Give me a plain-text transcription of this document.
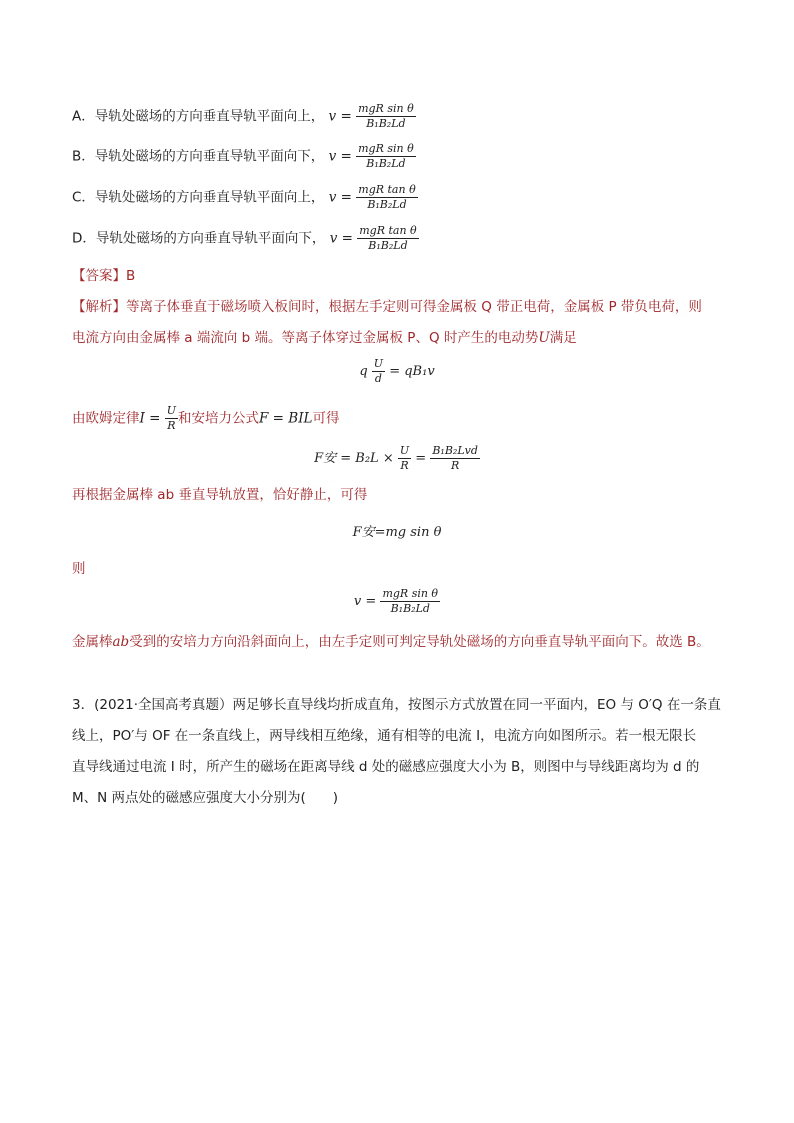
A．导轨处磁场的方向垂直导轨平面向上， $v = \frac{\text{mgR sin θ}}{\text{B₁B₂Ld}}$
B．导轨处磁场的方向垂直导轨平面向下， $v = \frac{\text{mgR sin θ}}{\text{B₁B₂Ld}}$
C．导轨处磁场的方向垂直导轨平面向上， $v = \frac{\text{mgR tan θ}}{\text{B₁B₂Ld}}$
D．导轨处磁场的方向垂直导轨平面向下， $v = \frac{\text{mgR tan θ}}{\text{B₁B₂Ld}}$
【答案】B
【解析】等离子体垂直于磁场喷入板间时，根据左手定则可得金属板 Q 带正电荷，金属板 P 带负电荷，则
电流方向由金属棒 a 端流向 b 端。等离子体穿过金属板 P、Q 时产生的电动势U满足
q $\frac{U}{d} = qB_1v$
由欧姆定律$I = \frac{U}{R}$ 和安培力公式F = BIL可得
F安 = $B_2L \times \frac{U}{R} = \frac{\text{B₁B₂Lvd}}{R}$
再根据金属棒 ab 垂直导轨放置，恰好静止，可得
F安=mg sin θ
则
$v = \frac{\text{mgR sin θ}}{\text{B₁B₂Ld}}$
金属棒ab受到的安培力方向沿斜面向上，由左手定则可判定导轨处磁场的方向垂直导轨平面向下。故选 B。
3．(2021·全国高考真题）两足够长直导线均折成直角，按图示方式放置在同一平面内，EO 与 O′Q 在一条直
线上，PO′与 OF 在一条直线上，两导线相互绝缘，通有相等的电流 I，电流方向如图所示。若一根无限长
直导线通过电流 I 时，所产生的磁场在距离导线 d 处的磁感应强度大小为 B，则图中与导线距离均为 d 的
M、N 两点处的磁感应强度大小分别为(　　)
